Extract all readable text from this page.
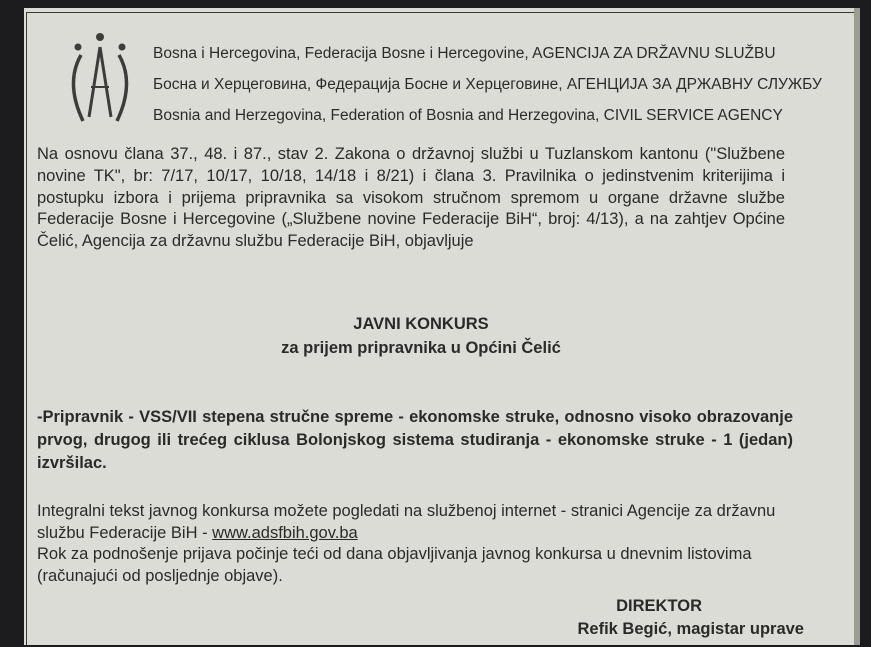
Bosna i Hercegovina, Federacija Bosne i Hercegovine, AGENCIJA ZA DRŽAVNU SLUŽBU
Босна и Херцеговина, Федерација Босне и Херцеговине, АГЕНЦИЈА ЗА ДРЖАВНУ СЛУЖБУ
Bosnia and Herzegovina, Federation of Bosnia and Herzegovina, CIVIL SERVICE AGENCY
Na osnovu člana 37., 48. i 87., stav 2. Zakona o državnoj službi u Tuzlanskom kantonu ("Službene novine TK", br: 7/17, 10/17, 10/18, 14/18 i 8/21) i člana 3. Pravilnika o jedinstvenim kriterijima i postupku izbora i prijema pripravnika sa visokom stručnom spremom u organe državne službe Federacije Bosne i Hercegovine („Službene novine Federacije BiH“, broj: 4/13), a na zahtjev Općine Čelić, Agencija za državnu službu Federacije BiH, objavljuje
JAVNI KONKURS
za prijem pripravnika u Općini Čelić
-Pripravnik - VSS/VII stepena stručne spreme - ekonomske struke, odnosno visoko obrazovanje prvog, drugog ili trećeg ciklusa Bolonjskog sistema studiranja - ekonomske struke - 1 (jedan) izvršilac.
Integralni tekst javnog konkursa možete pogledati na službenoj internet - stranici Agencije za državnu službu Federacije BiH - www.adsfbih.gov.ba
Rok za podnošenje prijava počinje teći od dana objavljivanja javnog konkursa u dnevnim listovima (računajući od posljednje objave).
DIREKTOR
Refik Begić, magistar uprave
